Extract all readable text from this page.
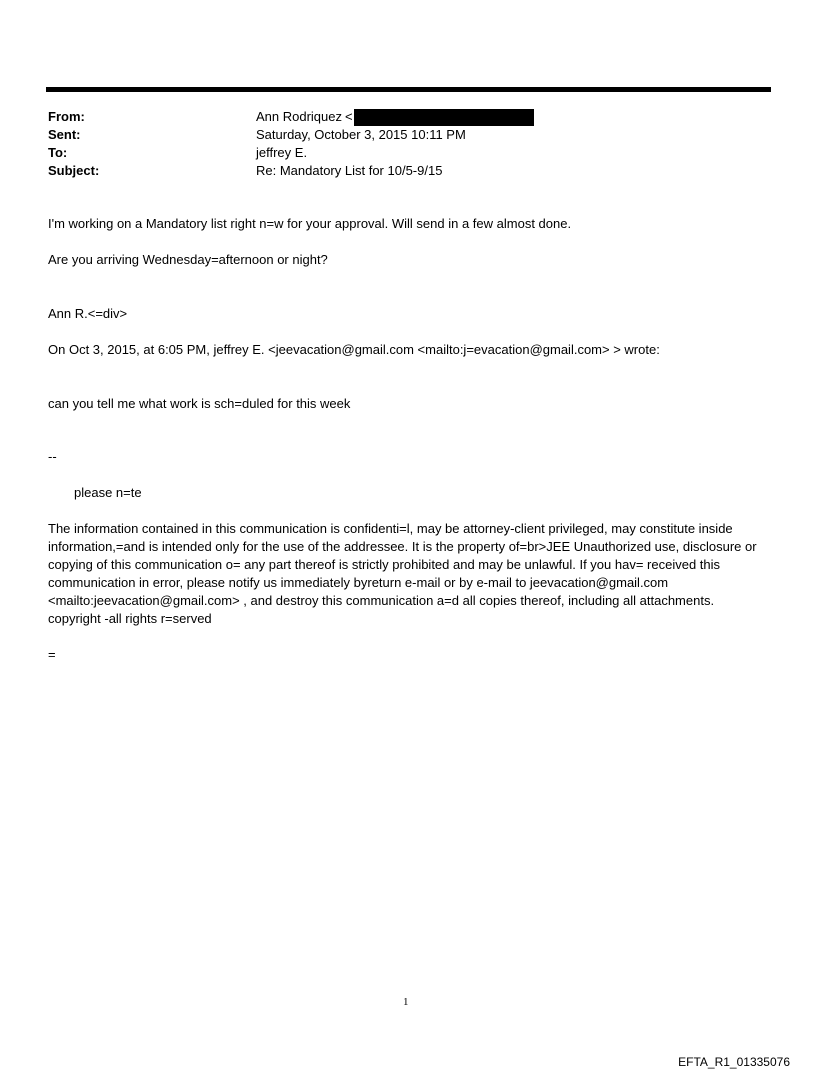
From:	Ann Rodriquez <
Sent:	Saturday, October 3, 2015 10:11 PM
To:	jeffrey E.
Subject:	Re: Mandatory List for 10/5-9/15

I'm working on a Mandatory list right n=w for your approval. Will send in a few almost done.

Are you arriving Wednesday=afternoon or night?

Ann R.<=div>

On Oct 3, 2015, at 6:05 PM, jeffrey E. <jeevacation@gmail.com <mailto:j=evacation@gmail.com> > wrote:

can you tell me what work is sch=duled for this week

--

please n=te

The information contained in this communication is confidenti=l, may be attorney-client privileged, may constitute inside information,=and is intended only for the use of the addressee. It is the property of=br>JEE Unauthorized use, disclosure or copying of this communication o= any part thereof is strictly prohibited and may be unlawful. If you hav= received this communication in error, please notify us immediately byreturn e-mail or by e-mail to jeevacation@gmail.com <mailto:jeevacation@gmail.com> , and destroy this communication a=d all copies thereof, including all attachments. copyright -all rights r=served

=

1
EFTA_R1_01335076
